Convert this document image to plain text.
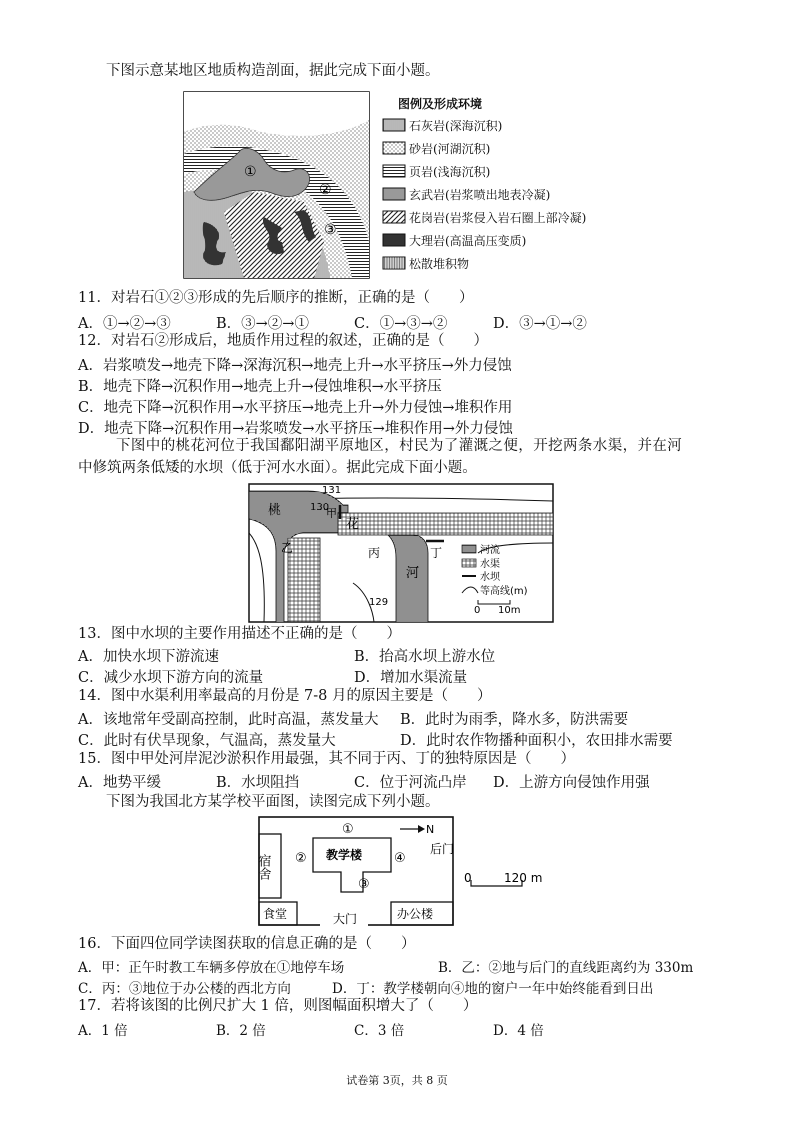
下图示意某地区地质构造剖面，据此完成下面小题。
①
②
③
图例及形成环境
石灰岩(深海沉积)
砂岩(河湖沉积)
页岩(浅海沉积)
玄武岩(岩浆喷出地表冷凝)
花岗岩(岩浆侵入岩石圈上部冷凝)
大理岩(高温高压变质)
松散堆积物
11．对岩石①②③形成的先后顺序的推断，正确的是（　　）
A．①→②→③	B．③→②→①	C．①→③→②	D．③→①→②
12．对岩石②形成后，地质作用过程的叙述，正确的是（　　）
A．岩浆喷发→地壳下降→深海沉积→地壳上升→水平挤压→外力侵蚀
B．地壳下降→沉积作用→地壳上升→侵蚀堆积→水平挤压
C．地壳下降→沉积作用→水平挤压→地壳上升→外力侵蚀→堆积作用
D．地壳下降→沉积作用→岩浆喷发→水平挤压→堆积作用→外力侵蚀
下图中的桃花河位于我国鄱阳湖平原地区，村民为了灌溉之便，开挖两条水渠，并在河
中修筑两条低矮的水坝（低于河水水面）。据此完成下面小题。
131
130
129
甲
乙	丙	丁
桃
花
河
河流
水渠
水坝
等高线(m)
0 10m
13．图中水坝的主要作用描述不正确的是（　　）
A．加快水坝下游流速	B．抬高水坝上游水位
C．减少水坝下游方向的流量	D．增加水渠流量
14．图中水渠利用率最高的月份是 7-8 月的原因主要是（　　）
A．该地常年受副高控制，此时高温，蒸发量大 B．此时为雨季，降水多，防洪需要
C．此时有伏旱现象，气温高，蒸发量大	D．此时农作物播种面积小，农田排水需要
15．图中甲处河岸泥沙淤积作用最强，其不同于丙、丁的独特原因是（　　）
A．地势平缓	B．水坝阻挡	C．位于河流凸岸 D．上游方向侵蚀作用强
下图为我国北方某学校平面图，读图完成下列小题。
宿舍	教学楼
①
②
③
④
N
后门
食堂	办公楼
大门
0	120 m
16．下面四位同学读图获取的信息正确的是（　　）
A．甲：正午时教工车辆多停放在①地停车场	B．乙：②地与后门的直线距离约为 330m
C．丙：③地位于办公楼的西北方向	D．丁：教学楼朝向④地的窗户一年中始终能看到日出
17．若将该图的比例尺扩大 1 倍，则图幅面积增大了（　　）
A．1 倍	B．2 倍	C．3 倍	D．4 倍
试卷第 3页，共 8 页
